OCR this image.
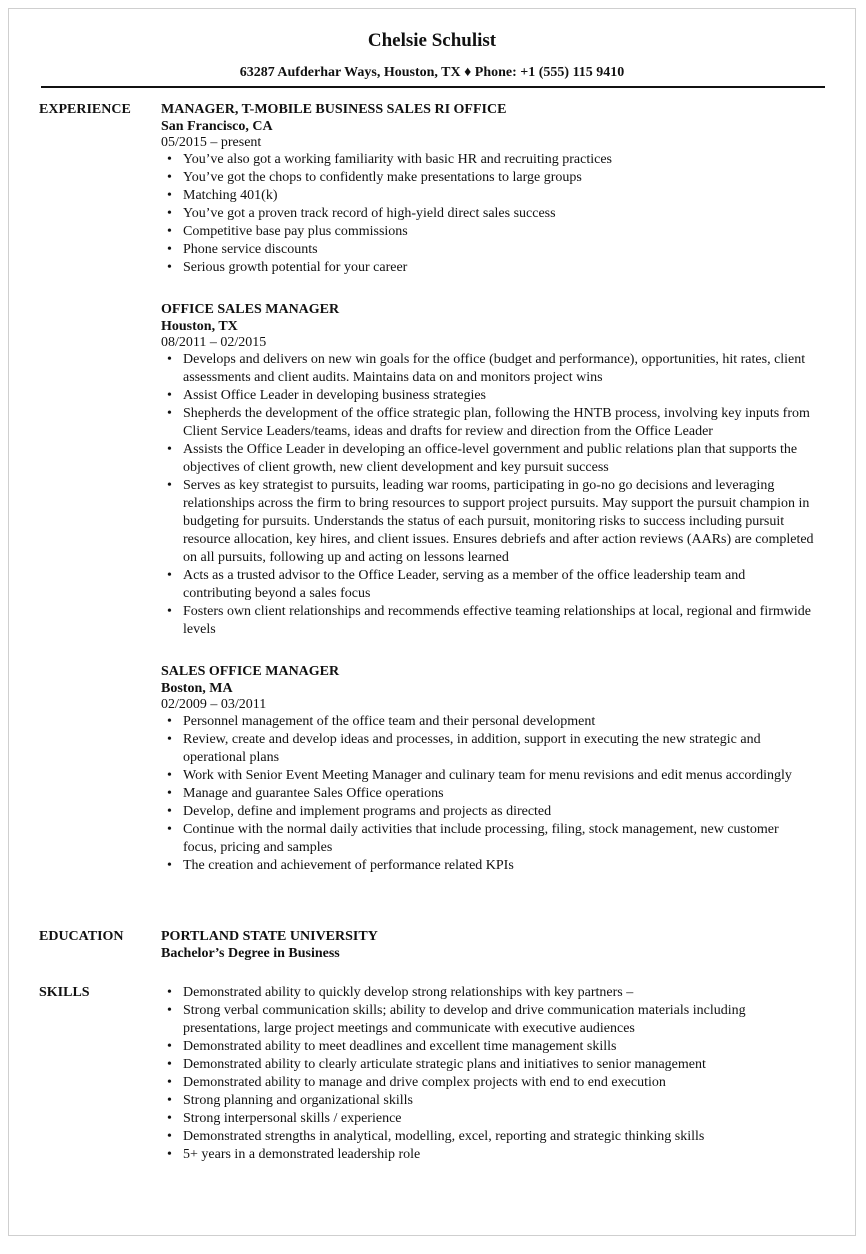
Chelsie Schulist
63287 Aufderhar Ways, Houston, TX ♦ Phone: +1 (555) 115 9410
EXPERIENCE MANAGER, T-MOBILE BUSINESS SALES RI OFFICE
San Francisco, CA
05/2015 – present
• You’ve also got a working familiarity with basic HR and recruiting practices
• You’ve got the chops to confidently make presentations to large groups
• Matching 401(k)
• You’ve got a proven track record of high-yield direct sales success
• Competitive base pay plus commissions
• Phone service discounts
• Serious growth potential for your career
OFFICE SALES MANAGER
Houston, TX
08/2011 – 02/2015
• Develops and delivers on new win goals for the office (budget and performance), opportunities, hit rates, client assessments and client audits. Maintains data on and monitors project wins
• Assist Office Leader in developing business strategies
• Shepherds the development of the office strategic plan, following the HNTB process, involving key inputs from Client Service Leaders/teams, ideas and drafts for review and direction from the Office Leader
• Assists the Office Leader in developing an office-level government and public relations plan that supports the objectives of client growth, new client development and key pursuit success
• Serves as key strategist to pursuits, leading war rooms, participating in go-no go decisions and leveraging relationships across the firm to bring resources to support project pursuits. May support the pursuit champion in budgeting for pursuits. Understands the status of each pursuit, monitoring risks to success including pursuit resource allocation, key hires, and client issues. Ensures debriefs and after action reviews (AARs) are completed on all pursuits, following up and acting on lessons learned
• Acts as a trusted advisor to the Office Leader, serving as a member of the office leadership team and contributing beyond a sales focus
• Fosters own client relationships and recommends effective teaming relationships at local, regional and firmwide levels
SALES OFFICE MANAGER
Boston, MA
02/2009 – 03/2011
• Personnel management of the office team and their personal development
• Review, create and develop ideas and processes, in addition, support in executing the new strategic and operational plans
• Work with Senior Event Meeting Manager and culinary team for menu revisions and edit menus accordingly
• Manage and guarantee Sales Office operations
• Develop, define and implement programs and projects as directed
• Continue with the normal daily activities that include processing, filing, stock management, new customer focus, pricing and samples
• The creation and achievement of performance related KPIs
EDUCATION	PORTLAND STATE UNIVERSITY
Bachelor’s Degree in Business
SKILLS
•	Demonstrated ability to quickly develop strong relationships with key partners –
• Strong verbal communication skills; ability to develop and drive communication materials including presentations, large project meetings and communicate with executive audiences
• Demonstrated ability to meet deadlines and excellent time management skills
• Demonstrated ability to clearly articulate strategic plans and initiatives to senior management
• Demonstrated ability to manage and drive complex projects with end to end execution
• Strong planning and organizational skills
• Strong interpersonal skills / experience
• Demonstrated strengths in analytical, modelling, excel, reporting and strategic thinking skills
• 5+ years in a demonstrated leadership role
